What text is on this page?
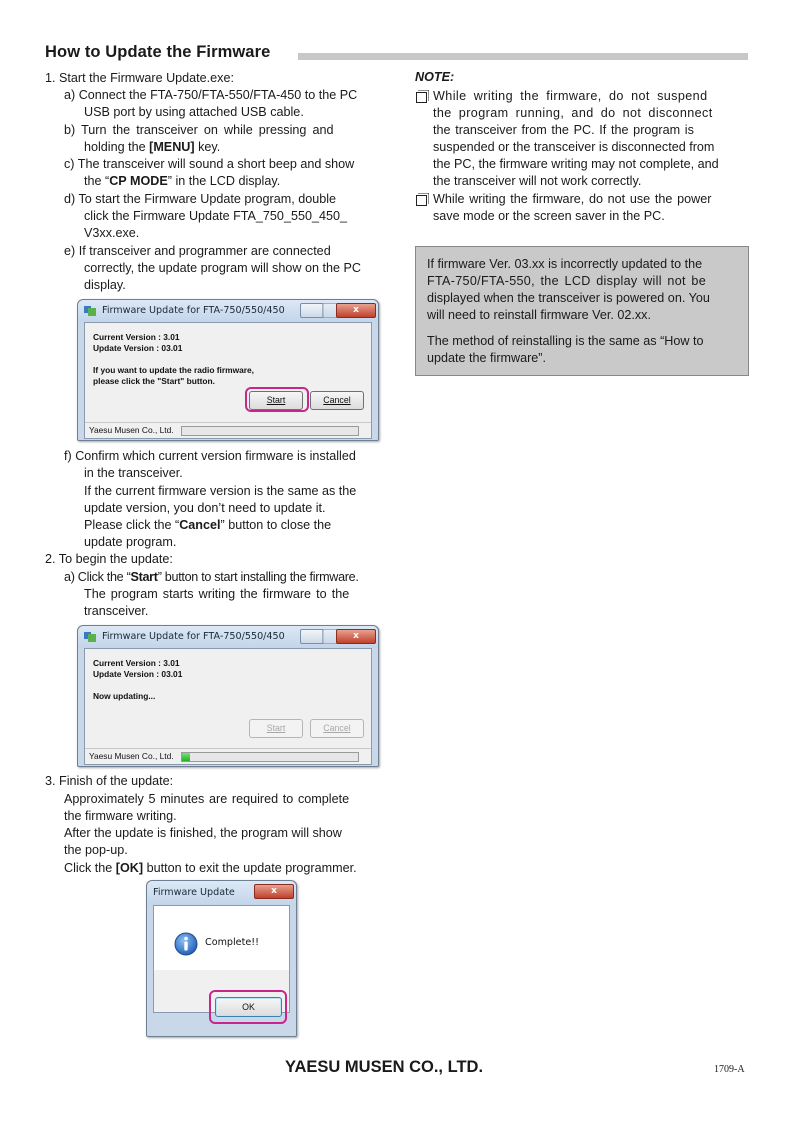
How to Update the Firmware
1. Start the Firmware Update.exe:
a) Connect the FTA-750/FTA-550/FTA-450 to the PC
USB port by using attached USB cable.
b) Turn the transceiver on while pressing and
holding the [MENU] key.
c) The transceiver will sound a short beep and show
the “CP MODE” in the LCD display.
d) To start the Firmware Update program, double
click the Firmware Update FTA_750_550_450_
V3xx.exe.
e) If transceiver and programmer are connected
correctly, the update program will show on the PC
display.
Firmware Update for FTA-750/550/450	x
Current Version : 3.01
Update Version : 03.01
If you want to update the radio firmware,
please click the "Start" button.
Start	Cancel
Yaesu Musen Co., Ltd.
f) Confirm which current version firmware is installed
in the transceiver.
If the current firmware version is the same as the
update version, you don’t need to update it.
Please click the “Cancel” button to close the
update program.
2. To begin the update:
a) Click the “Start” button to start installing the firmware.
The program starts writing the firmware to the
transceiver.
Firmware Update for FTA-750/550/450	x
Current Version : 3.01
Update Version : 03.01
Now updating...
Start	Cancel
Yaesu Musen Co., Ltd.
3. Finish of the update:
Approximately 5 minutes are required to complete
the firmware writing.
After the update is finished, the program will show
the pop-up.
Click the [OK] button to exit the update programmer.
Firmware Update	x
Complete!!
OK
NOTE:
While writing the firmware, do not suspend
the program running, and do not disconnect
the transceiver from the PC. If the program is
suspended or the transceiver is disconnected from
the PC, the firmware writing may not complete, and
the transceiver will not work correctly.
While writing the firmware, do not use the power
save mode or the screen saver in the PC.
If firmware Ver. 03.xx is incorrectly updated to the
FTA-750/FTA-550, the LCD display will not be
displayed when the transceiver is powered on. You
will need to reinstall firmware Ver. 02.xx.
The method of reinstalling is the same as “How to
update the firmware”.
YAESU MUSEN CO., LTD.	1709-A
